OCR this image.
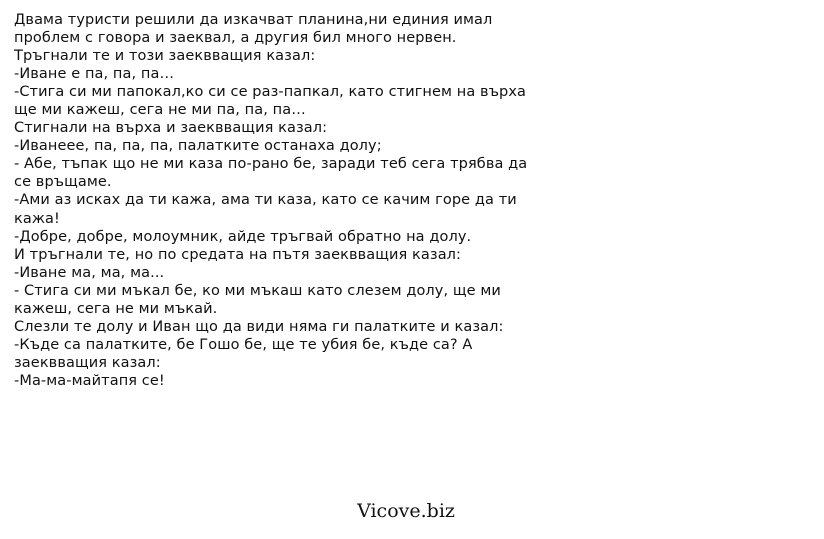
Двама туристи решили да изкачват планина,ни единия имал
проблем с говора и заеквал, а другия бил много нервен.
Тръгнали те и този заеквващия казал:
-Иване е па, па, па…
-Стига си ми папокал,ко си се раз-папкал, като стигнем на върха
ще ми кажеш, сега не ми па, па, па…
Стигнали на върха и заеквващия казал:
-Иванеее, па, па, па, палатките останаха долу;
- Абе, тъпак що не ми каза по-рано бе, заради теб сега трябва да
се връщаме.
-Ами аз исках да ти кажа, ама ти каза, като се качим горе да ти
кажа!
-Добре, добре, молоумник, айде тръгвай обратно на долу.
И тръгнали те, но по средата на пътя заеквващия казал:
-Иване ма, ма, ма...
- Стига си ми мъкал бе, ко ми мъкаш като слезем долу, ще ми
кажеш, сега не ми мъкай.
Слезли те долу и Иван що да види няма ги палатките и казал:
-Къде са палатките, бе Гошо бе, ще те убия бе, къде са? А
заеквващия казал:
-Ма-ма-майтапя се!
Vicove.biz
